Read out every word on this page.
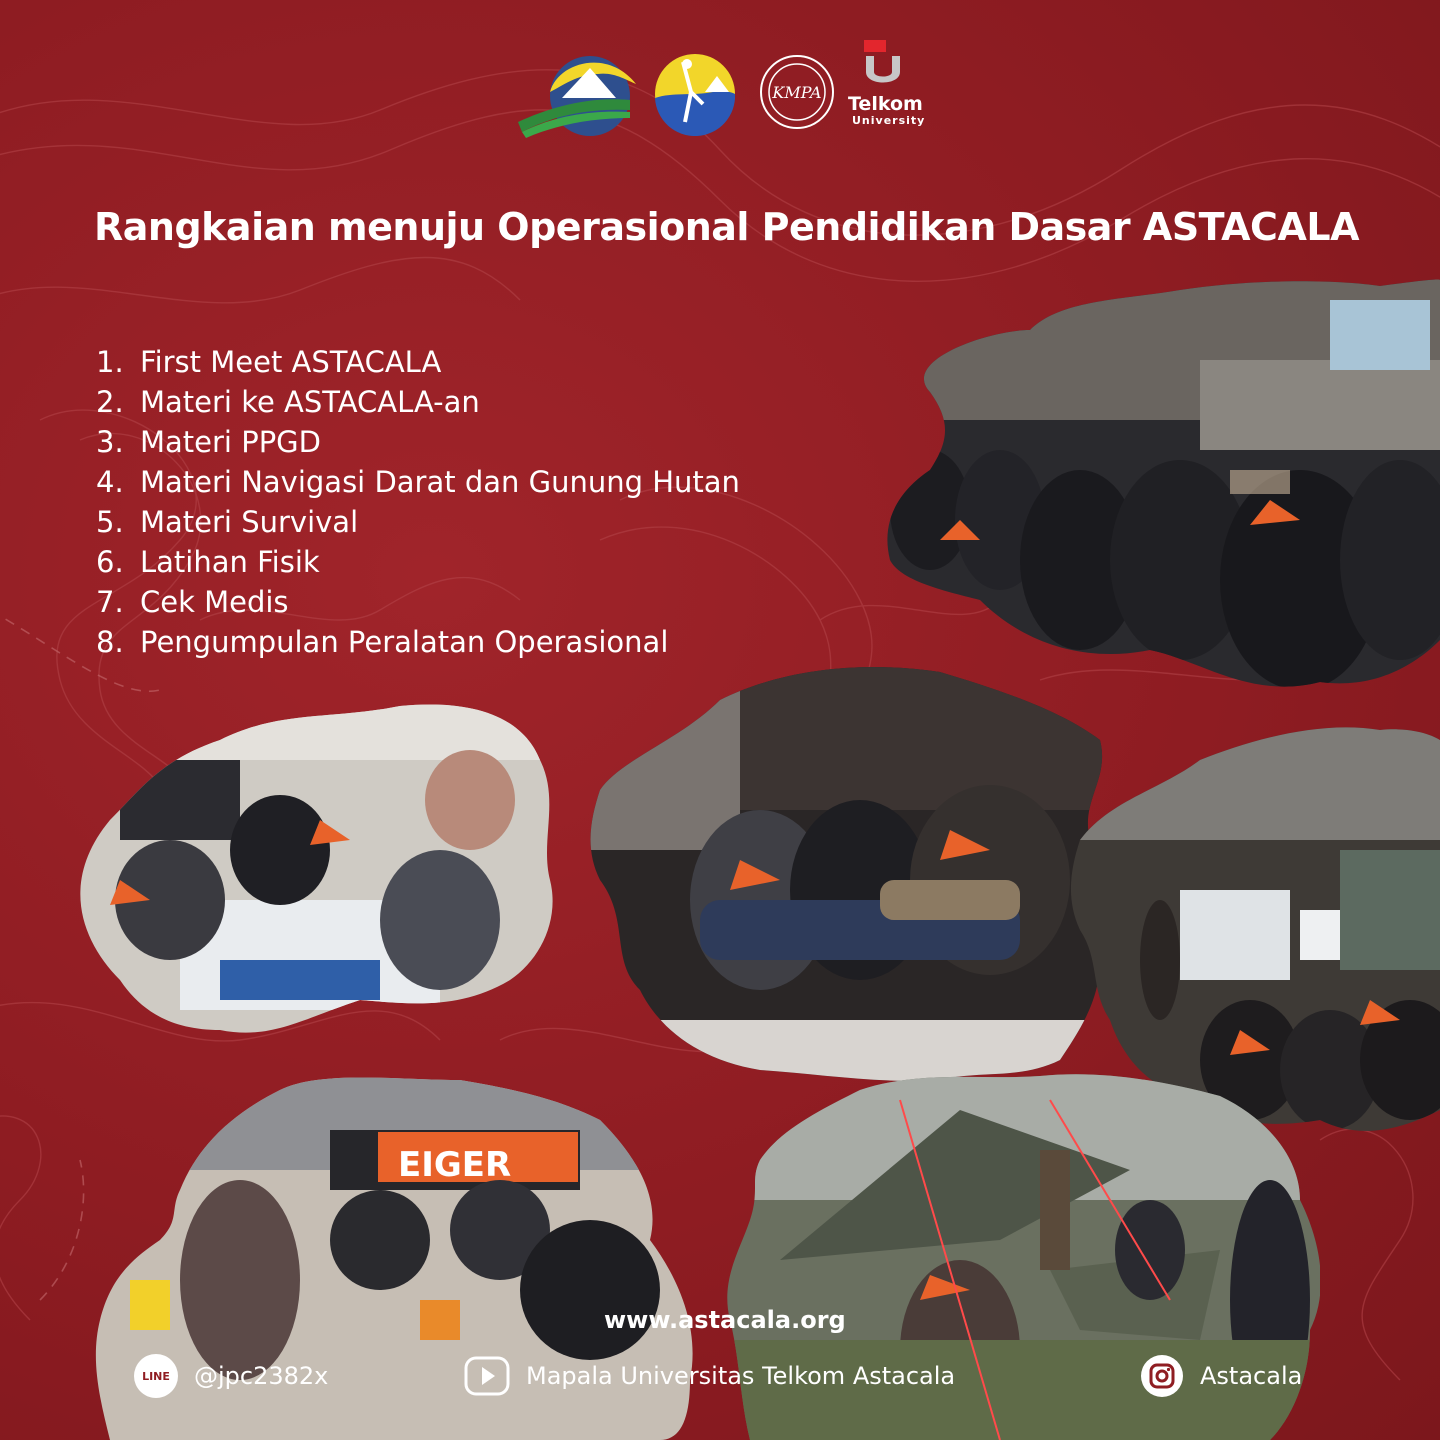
EIGER
KMPA
Telkom
University
Rangkaian menuju Operasional Pendidikan Dasar ASTACALA
1. First Meet ASTACALA
2. Materi ke ASTACALA-an
3. Materi PPGD
4. Materi Navigasi Darat dan Gunung Hutan
5. Materi Survival
6. Latihan Fisik
7. Cek Medis
8. Pengumpulan Peralatan Operasional
www.astacala.org
LINE	@jpc2382x	Mapala Universitas Telkom Astacala	Astacala
